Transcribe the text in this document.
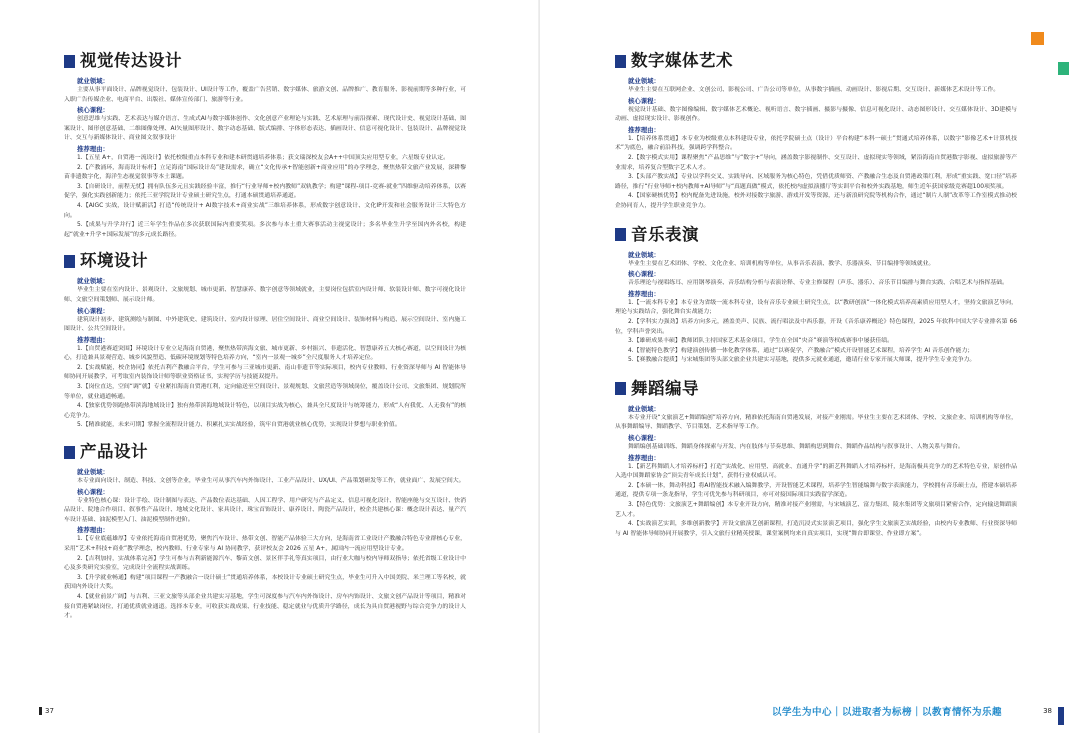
视觉传达设计
就业领域：

主要从事平面设计、品牌视觉设计、包装设计、UI设计等工作，覆盖广告营销、数字媒体、旅游文创、品牌推广、教育服务、影视前期等多种行业，可入职广告传媒企业、电商平台、出版社、媒体宣传部门、旅游等行业。

核心课程：

创意思维与实践、艺术表达与媒介语言、生成式AI与数字媒体创作、文化创意产业理论与实践、艺术原理与前沿探索、现代设计史、视觉设计基础、图案设计、图形创意基础、二维图像处理、AI矢量图形设计、数字动态基础、版式编排、字体形态表达、插画设计、信息可视化设计、包装设计、品牌视觉设计、交互与新媒体设计、商业图文叙事设计

推荐理由：

1.【五星 A+，自贸港一流设计】依托校级重点本科专业和建本研贯通培养体系；获文瑞深校友会A++中国顶尖应用型专业，六星级专业认定。

2.【产教涌环，海南设计标杆】立足海南“国际设计岛”建设需求，确立“文化传承+智能创新+商业应用”的办学理念，聚焦热带文旅产业发展，深耕黎苗非遗数字化，海洋生态视觉叙事等本土课题。

3.【自研设计，前程无忧】拥有队伍多元且实践经验丰富，推行“行业导师+校内教师”双轨教学；构建“课程-项目-竞赛-就业”四维驱动培养体系，以赛促学，强化实践创新能力；依托三亚学院设计专业硕士研究生点，打通本硕贯通培养通道。

4.【AIGC 实战，设计赋新活】打造“传统设计+ AI数字技术+商业实战”三维培养体系，形成数字创意设计、文化IP开发和社会服务设计三大特色方向。

5.【成果与升学并行】近三年学生作品在多次获联国际内重要奖项。多次参与本土重大赛事活动主视觉设计；多名毕业生升学至国内外名校，构建起“就业+升学+国际发展”的多元成长路径。

环境设计
就业领域：

毕业生主要在室内设计、景观设计、文旅规划、城市更新、智慧康养、数字创意等领域就业，主要岗位包括室内设计师、软装设计师、数字可视化设计师、文旅空间策划师、展示设计师。

核心课程：

建筑设计初步、建筑测绘与制图、中外建筑史、建筑设计、室内设计原理、居住空间设计、商业空间设计、装饰材料与构造、展示空间设计、室内施工图设计、公共空间设计。

推荐理由：

1.【自贸港赛道突围】环境设计专业立足海南自贸港，聚焦热带滨海文旅、城市更新、乡村振兴、非遗活化、智慧康养五大核心赛道，以空间设计为核心，打造兼具景观营造、城乡风貌塑造、低碳环境规划等特色培养方向，“室内一景观一城乡”全尺度服务人才培养定位。

2.【实战赋能，校企协同】依托吉利产教融合平台，学生可参与三亚城市更新、南山非遗节等实际项目，校内专业教师、行业资深导师与 AI 智能体导师协同开展教学，可考取室内装饰设计师等职业资格证书，实现学历与技能双提升。

3.【岗位直达，空间“调”就】专业紧扣海南自贸港红利，定向输送至空间设计、景观规划、文旅营造等领域岗位，覆盖设计公司、文旅集团、规划院所等单位，就业通道畅通。

4.【独家优势领跑热带滨海地域设计】独有热带滨海地域设计特色，以项目实战为核心，兼具全尺度设计与统筹能力，形成“人有我优、人无我有”的核心竞争力。

5.【精准就能，未来可期】掌握全流程设计能力、积累扎实实战经验，筑牢自贸港就业核心优势，实现设计梦想与职业价值。

产品设计
就业领域：

本专业面向设计、制造、科技、文创等企业，毕业生可从事汽车内外饰设计、工业产品设计、UX/UI、产品策划研发等工作，就业面广、发展空间大。

核心课程：

专业特色核心课：设计手绘、设计制图与表达、产品数位表达基础、人因工程学、用户研究与产品定义、信息可视化设计、智能座舱与交互设计、快消品设计、院地合作项目、叙事性产品设计、地域文化设计、家具设计、珠宝首饰设计、康养设计、陶瓷产品设计，校企共建核心课：概念设计表达、量产汽车设计基础、油泥模型入门、油泥模型制作进阶。

推荐理由：

1.【专业底蕴雄厚】专业依托海南自贸港优势，聚焦汽车设计、热带文创、智能产品体验三大方向，是海南省工业设计产教融合特色专业群核心专业，采用“艺术+科技+商业”教学理念，校内教师、行业专家与 AI 协同教学，获评校友会 2026 五星 A+，属国内一流应用型设计专业。

2.【吉利加持，实战体系完善】学生可参与吉利新能源汽车、黎苗文创、景区伴手礼等真实项目，由行业大咖与校内导师双指导；依托省级工业设计中心及多类研究实验室，完成设计全流程实战训练。

3.【升学就业畅通】构建“项目课程一产教融合一设计硕士”贯通培养体系，本校设计专业硕士研究生点，毕业生可升入中国美院、米兰理工等名校，就获国内外设计大奖。

4.【就业前景广阔】与吉利、三亚文旅等头部企业共建实习基地，学生可深度参与汽车内外饰设计、房车内饰设计、文旅文创产品设计等项目，精准对接自贸港紧缺岗位，打通优质就业通道。选择本专业，可收获实战成果、行业技能、稳定就业与优质升学路径，成长为具自贸港视野与综合竞争力的设计人才。

37	以学生为中心｜以进取者为标榜｜以教育情怀为乐趣	38
数字媒体艺术
就业领域：

毕业生主要在互联网企业、文创公司、影视公司、广告公司等单位，从事数字插画、动画设计、影视后期、交互设计、新媒体艺术设计等工作。

核心课程：

视觉设计基础、数字图像编辑、数字媒体艺术概论、视听语言、数字插画、摄影与摄像、信息可视化设计、动态图形设计、交互媒体设计、3D建模与动画、虚拟现实设计、影视创作。

推荐理由：

1.【培养体系贯通】本专业为校级重点本科建设专业，依托学院硕士点（设计）平台构建“本科一硕士”贯通式培养体系，以数字“影像艺术+计算机技术”为底色，融合前沿科技，强调跨学科整合。

2.【数字模式实用】课程聚焦“产品思维”与“数字+”导向，涵盖数字影视制作、交互设计、虚拟现实等领域，紧沿海南自贸港数字影视、虚拟旅游等产业需求，培养复合型数字艺术人才。

3.【头部产教实战】专业以学科交叉、实践导向、区域服务为核心特色，凭借优质师资、产教融合生态及自贸港政策红利，形成“重实践、宽口径”培养路径，推行“行业导师+校内教师+AI导师”与“真题真做”模式，依托校内虚拟演播厅等实训平台和校外实践基地，师生近年获国家级竞赛超100项奖项。

4.【国家硬核优势】校内配备先进设施，校外对接数字旅游、游戏开发等资源，还与新浪研究院等机构合作，通过“制片人制”改革等工作室模式推动校企协同育人，提升学生职业竞争力。

音乐表演
就业领域：

毕业生主要在艺术团体、学校、文化企业、培训机构等单位，从事音乐表演、教学、乐器演奏、节目编排等领域就业。

核心课程：

音乐理论与视唱练耳、应用钢琴演奏、音乐结构分析与表演诠释、专业主修课程（声乐、器乐）、音乐节目编排与舞台实践、合唱艺术与指挥基础。

推荐理由：

1.【一流本科专业】本专业为省级一流本科专业，设有音乐专业硕士研究生点，以“教研创演”一体化模式培养高素质应用型人才，坚持文旅演艺导向，理论与实践结合，强化舞台实战能力；

2.【学科实力强劲】培养方向多元，涵盖美声、民族、流行唱法及中西乐器，开设《音乐康养概论》特色课程，2025 年软科中国大学专业排名第 66 位，学科声誉突出。

3.【雄研成果丰硕】教师团队主持国家艺术基金项目，学生在全国“央音”赛演等权威赛事中屡获佳绩。

4.【智能特色教学】构建演创传播一体化教学体系，通过“以赛促学，产教融合”模式开设智能艺术课程，培养学生 AI 音乐创作能力；

5.【赛教融合提质】与宋城集团等头部文旅企业共建实习基地，提供多元就业通道，邀请行业专家开展大师课，提升学生专业竞争力。

舞蹈编导
就业领域：

本专业开设“文旅演艺+舞蹈编创”培养方向，精准依托海南自贸港发展，对接产业刚需。毕业生主要在艺术团体、学校、文旅企业、培训机构等单位，从事舞蹈编导、舞蹈教学、节目策划、艺术指导等工作。

核心课程：

舞蹈编创基础训练、舞蹈身体探索与开发、内在肢体与节奏思维、舞蹈构思到舞台、舞蹈作品结构与叙事设计、人物关系与舞台。

推荐理由：

1.【新艺科舞蹈人才培养标杆】打造“实战化、应用型、高就业、直通升学”的新艺科舞蹈人才培养标杆，是海南极具竞争力的艺术特色专业，原创作品入选中国舞蹈家协会“顶尖青年成长计划”，获得行业权威认可。

2.【本硕一体，舞动科技】将AI智能技术融入编舞教学，开设智能艺术课程，培养学生智能编舞与数字表演能力，学校拥有音乐硕士点，搭建本硕培养通道，提供专项一条龙指导，学生可优先参与科研项目，亦可对接国际项目实践留学深造。

3.【特色优势：文旅演艺+舞蹈编创】本专业开设方向，精准对接产业刚需，与宋城演艺、富力集团、陵水集团等文旅项目紧密合作，定向输送舞蹈演艺人才。

4.【实战演艺实训，多维创新教学】开设文旅演艺创新课程，打造沉浸式实景演艺项目，强化学生文旅演艺实战经验，由校内专业教师、行业资深导师与 AI 智能体导师协同开展教学，引入文旅行业精英授课，课堂案例均来自真实项目，实现“舞台即课堂、作业即方案”。
